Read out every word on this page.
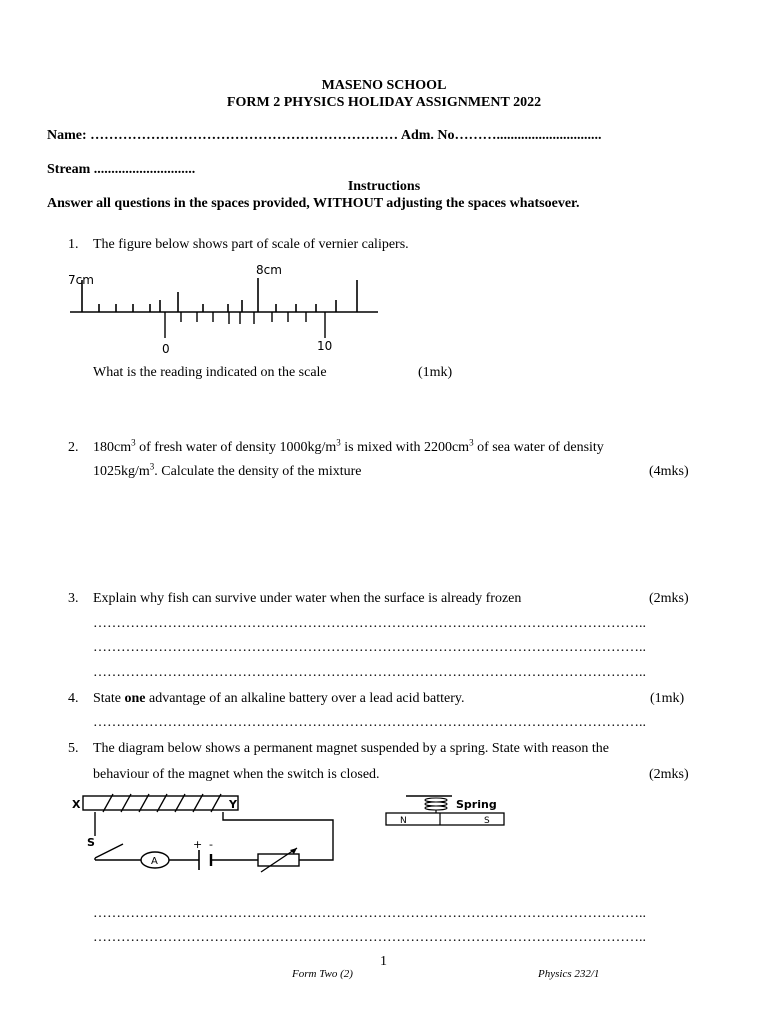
MASENO SCHOOL
FORM 2 PHYSICS HOLIDAY ASSIGNMENT 2022
Name: ………………………………………………………… Adm. No………..............................
Stream .............................
Instructions
Answer all questions in the spaces provided, WITHOUT adjusting the spaces whatsoever.
1. The figure below shows part of scale of vernier calipers.
7cm
8cm
0	10
What is the reading indicated on the scale	(1mk)
2. $180cm^3$ of fresh water of density $1000kg/m^3$ is mixed with $2200cm^3$ of sea water of density
$1025kg/m^3$. Calculate the density of the mixture	(4mks)
3. Explain why fish can survive under water when the surface is already frozen	(2mks)
………………………………………………………………………………………………………..
………………………………………………………………………………………………………..
………………………………………………………………………………………………………..
4. State one advantage of an alkaline battery over a lead acid battery.	(1mk)
………………………………………………………………………………………………………..
5. The diagram below shows a permanent magnet suspended by a spring. State with reason the
behaviour of the magnet when the switch is closed.	(2mks)
X	Y
S
A
+ -
Spring
N	S
………………………………………………………………………………………………………..
………………………………………………………………………………………………………..
1
Form Two (2)	Physics 232/1
